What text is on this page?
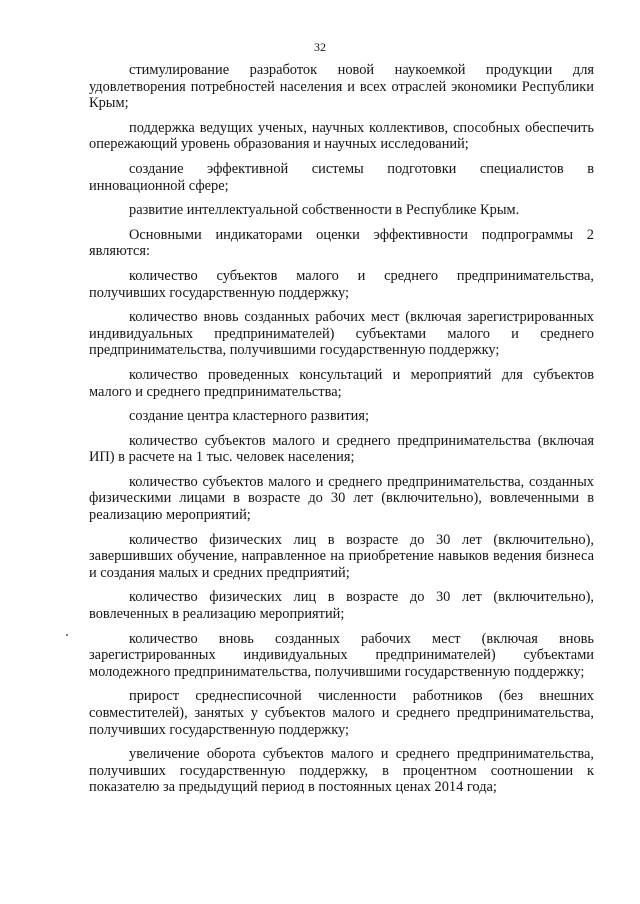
32

стимулирование разработок новой наукоемкой продукции для удовлетворения потребностей населения и всех отраслей экономики Республики Крым;

поддержка ведущих ученых, научных коллективов, способных обеспечить опережающий уровень образования и научных исследований;

создание эффективной системы подготовки специалистов в инновационной сфере;

развитие интеллектуальной собственности в Республике Крым.

Основными индикаторами оценки эффективности подпрограммы 2 являются:

количество субъектов малого и среднего предпринимательства, получивших государственную поддержку;

количество вновь созданных рабочих мест (включая зарегистрированных индивидуальных предпринимателей) субъектами малого и среднего предпринимательства, получившими государственную поддержку;

количество проведенных консультаций и мероприятий для субъектов малого и среднего предпринимательства;

создание центра кластерного развития;

количество субъектов малого и среднего предпринимательства (включая ИП) в расчете на 1 тыс. человек населения;

количество субъектов малого и среднего предпринимательства, созданных физическими лицами в возрасте до 30 лет (включительно), вовлеченными в реализацию мероприятий;

количество физических лиц в возрасте до 30 лет (включительно), завершивших обучение, направленное на приобретение навыков ведения бизнеса и создания малых и средних предприятий;

количество физических лиц в возрасте до 30 лет (включительно), вовлеченных в реализацию мероприятий;

количество вновь созданных рабочих мест (включая вновь зарегистрированных индивидуальных предпринимателей) субъектами молодежного предпринимательства, получившими государственную поддержку;

прирост среднесписочной численности работников (без внешних совместителей), занятых у субъектов малого и среднего предпринимательства, получивших государственную поддержку;

увеличение оборота субъектов малого и среднего предпринимательства, получивших государственную поддержку, в процентном соотношении к показателю за предыдущий период в постоянных ценах 2014 года;
